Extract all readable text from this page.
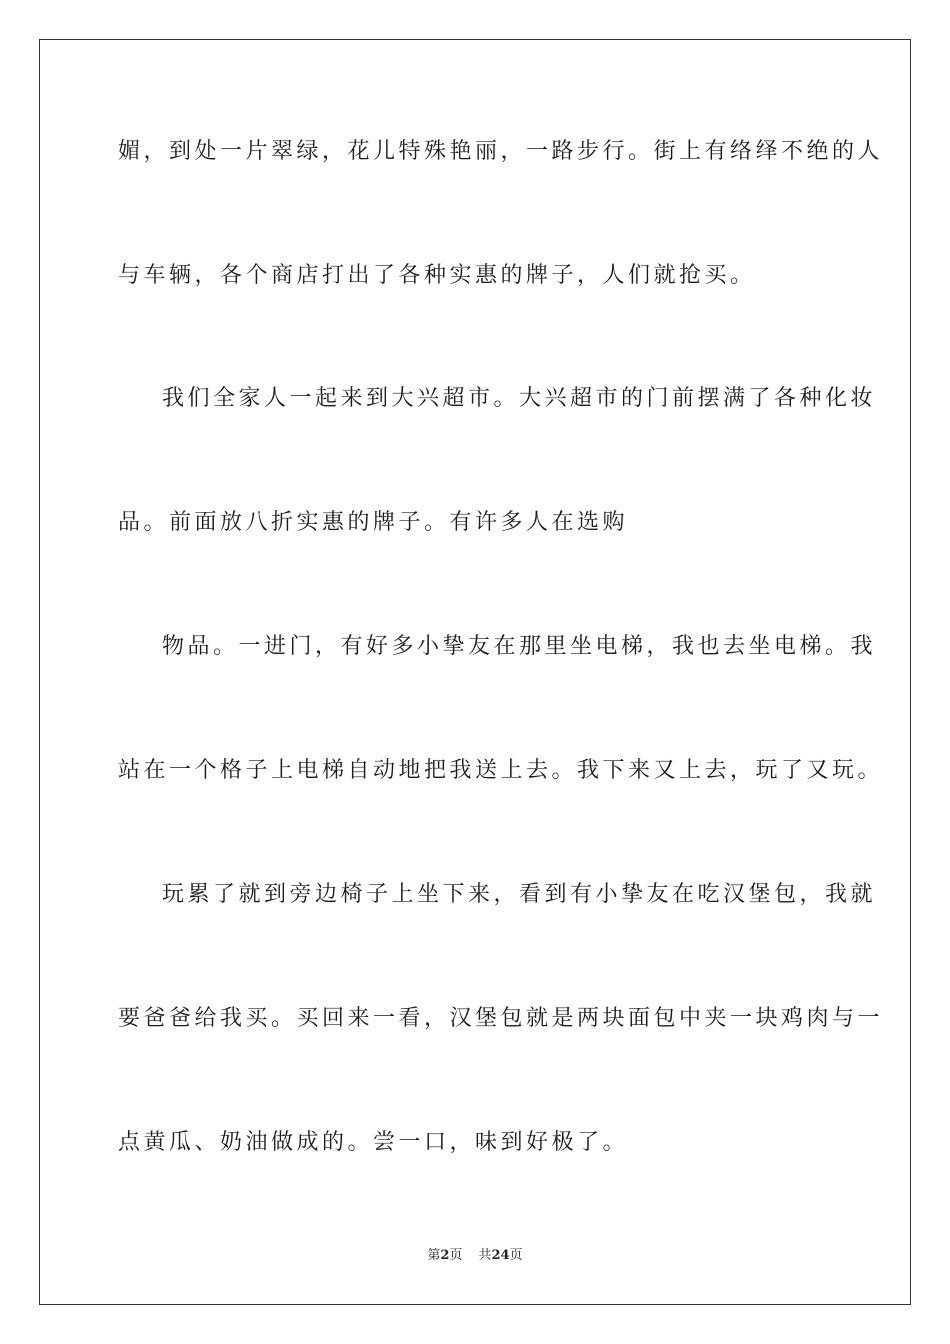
媚，到处一片翠绿，花儿特殊艳丽，一路步行。街上有络绎不绝的人
与车辆，各个商店打出了各种实惠的牌子，人们就抢买。
我们全家人一起来到大兴超市。大兴超市的门前摆满了各种化妆
品。前面放八折实惠的牌子。有许多人在选购
物品。一进门，有好多小挚友在那里坐电梯，我也去坐电梯。我
站在一个格子上电梯自动地把我送上去。我下来又上去，玩了又玩。
玩累了就到旁边椅子上坐下来，看到有小挚友在吃汉堡包，我就
要爸爸给我买。买回来一看，汉堡包就是两块面包中夹一块鸡肉与一
点黄瓜、奶油做成的。尝一口，味到好极了。
第2页 共24页
